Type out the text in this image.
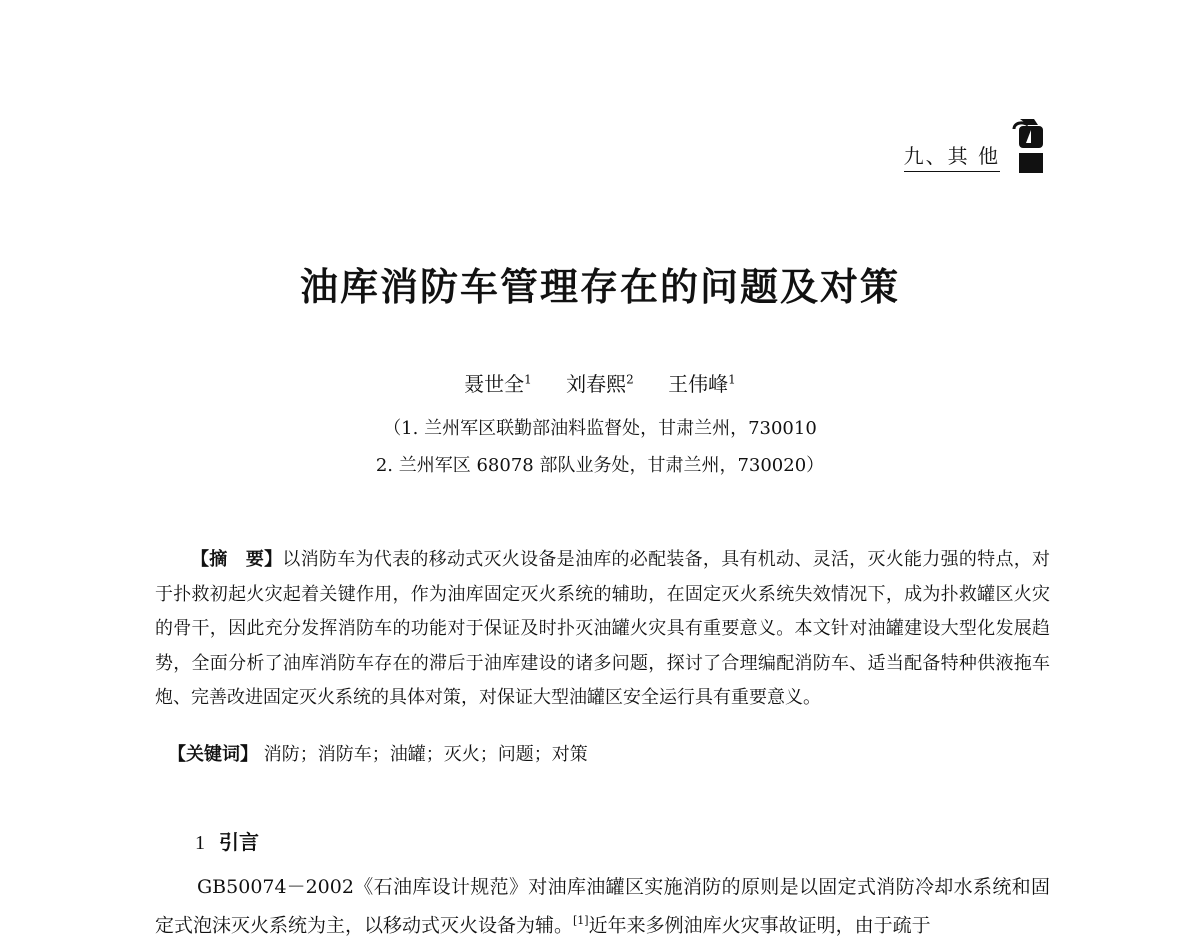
九、其 他
油库消防车管理存在的问题及对策
聂世全$^1$ 刘春熙$^2$ 王伟峰$^1$
（1. 兰州军区联勤部油料监督处，甘肃兰州，730010
2. 兰州军区 68078 部队业务处，甘肃兰州，730020）

【摘　要】以消防车为代表的移动式灭火设备是油库的必配装备，具有机动、灵活，灭火能力强的特点，对于扑救初起火灾起着关键作用，作为油库固定灭火系统的辅助，在固定灭火系统失效情况下，成为扑救罐区火灾的骨干，因此充分发挥消防车的功能对于保证及时扑灭油罐火灾具有重要意义。本文针对油罐建设大型化发展趋势，全面分析了油库消防车存在的滞后于油库建设的诸多问题，探讨了合理编配消防车、适当配备特种供液拖车炮、完善改进固定灭火系统的具体对策，对保证大型油罐区安全运行具有重要意义。

【关键词】 消防；消防车；油罐；灭火；问题；对策
1 引言

GB50074－2002《石油库设计规范》对油库油罐区实施消防的原则是以固定式消防冷却水系统和固定式泡沫灭火系统为主，以移动式灭火设备为辅。[1]近年来多例油库火灾事故证明，由于疏于
